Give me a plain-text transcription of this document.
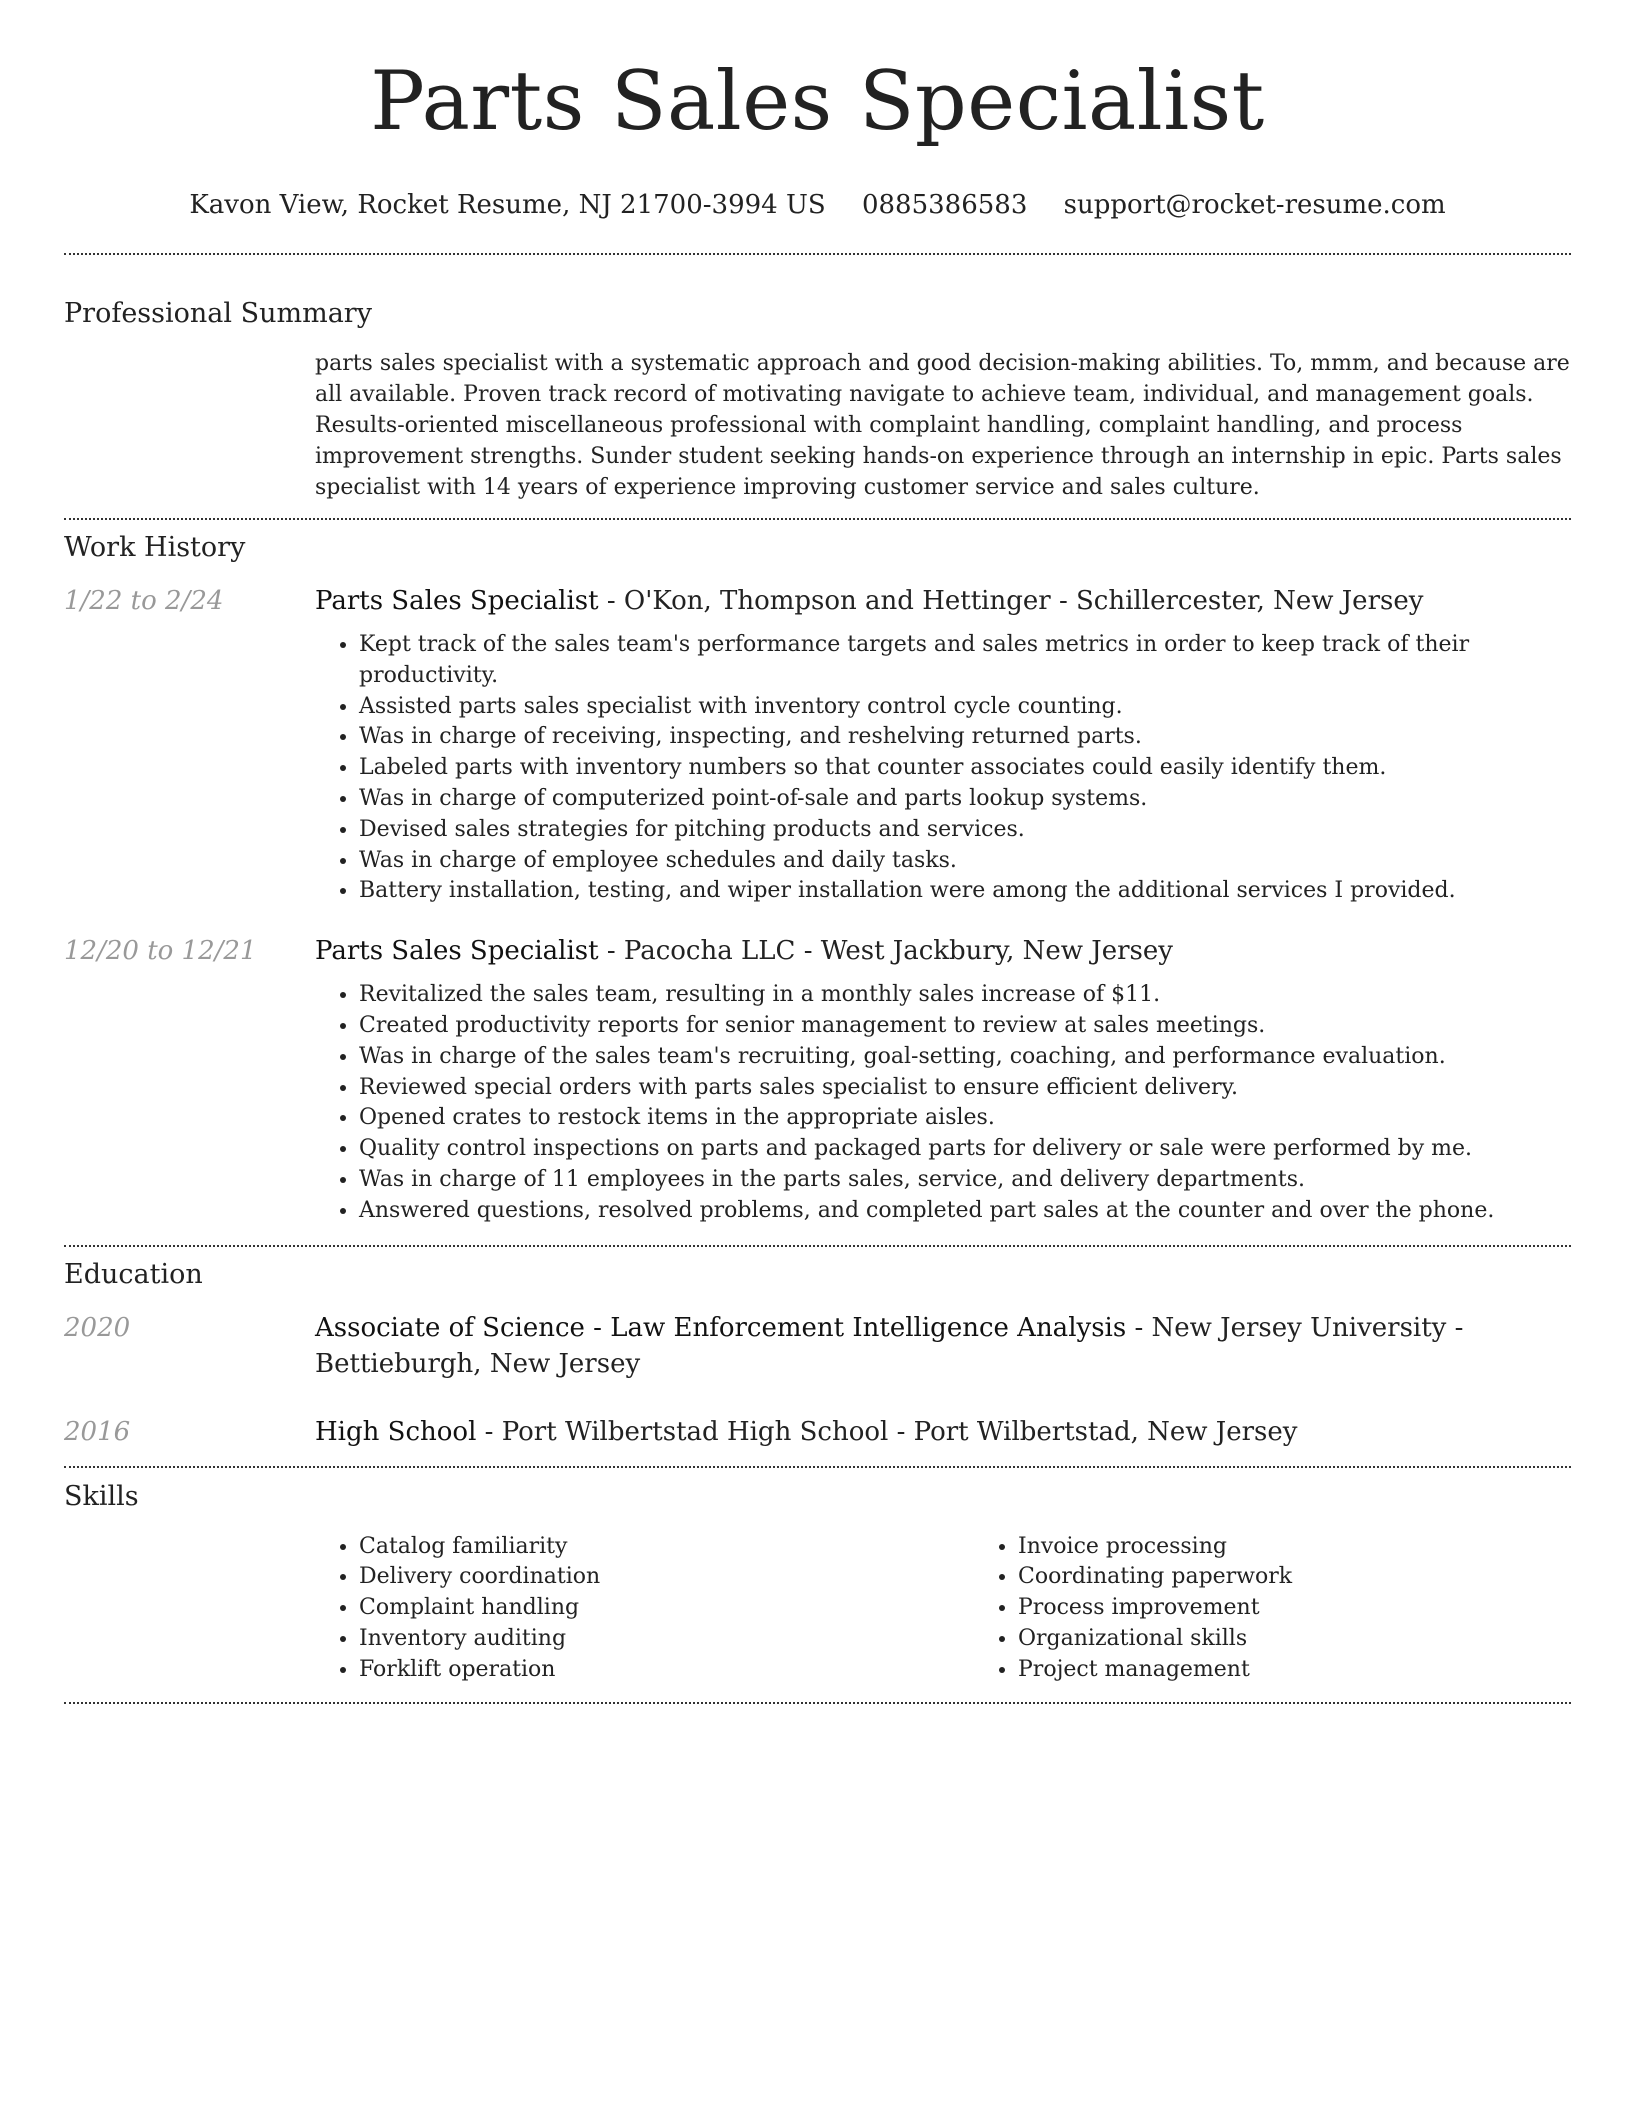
Parts Sales Specialist
Kavon View, Rocket Resume, NJ 21700-3994 US 0885386583 support@rocket-resume.com
Professional Summary
parts sales specialist with a systematic approach and good decision-making abilities. To, mmm, and because are all available. Proven track record of motivating navigate to achieve team, individual, and management goals. Results-oriented miscellaneous professional with complaint handling, complaint handling, and process improvement strengths. Sunder student seeking hands-on experience through an internship in epic. Parts sales specialist with 14 years of experience improving customer service and sales culture.
Work History
1/22 to 2/24	Parts Sales Specialist - O'Kon, Thompson and Hettinger - Schillercester, New Jersey
• Kept track of the sales team's performance targets and sales metrics in order to keep track of their productivity.
• Assisted parts sales specialist with inventory control cycle counting.
• Was in charge of receiving, inspecting, and reshelving returned parts.
• Labeled parts with inventory numbers so that counter associates could easily identify them.
• Was in charge of computerized point-of-sale and parts lookup systems.
• Devised sales strategies for pitching products and services.
• Was in charge of employee schedules and daily tasks.
• Battery installation, testing, and wiper installation were among the additional services I provided.
12/20 to 12/21	Parts Sales Specialist - Pacocha LLC - West Jackbury, New Jersey
• Revitalized the sales team, resulting in a monthly sales increase of $11.
• Created productivity reports for senior management to review at sales meetings.
• Was in charge of the sales team's recruiting, goal-setting, coaching, and performance evaluation.
• Reviewed special orders with parts sales specialist to ensure efficient delivery.
• Opened crates to restock items in the appropriate aisles.
• Quality control inspections on parts and packaged parts for delivery or sale were performed by me.
• Was in charge of 11 employees in the parts sales, service, and delivery departments.
• Answered questions, resolved problems, and completed part sales at the counter and over the phone.
Education
2020	Associate of Science - Law Enforcement Intelligence Analysis - New Jersey University - Bettieburgh, New Jersey
2016	High School - Port Wilbertstad High School - Port Wilbertstad, New Jersey
Skills
• Catalog familiarity
• Delivery coordination
• Complaint handling
• Inventory auditing
• Forklift operation
• Invoice processing
• Coordinating paperwork
• Process improvement
• Organizational skills
• Project management
